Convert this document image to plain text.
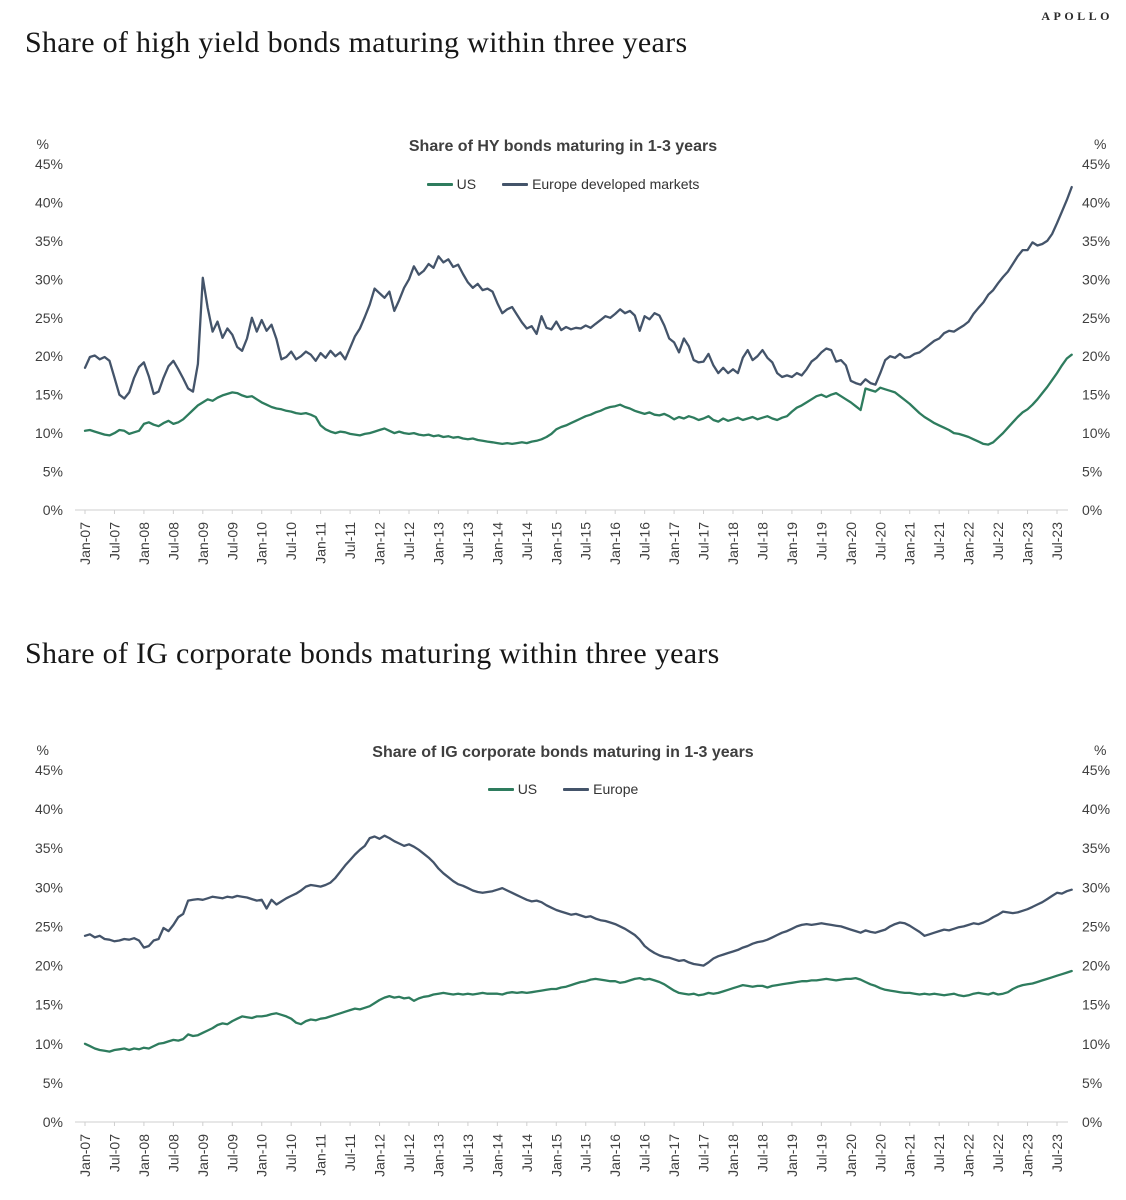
APOLLO
Share of high yield bonds maturing within three years
Share of HY bonds maturing in 1-3 years
US	Europe developed markets
45%	45%
40%	40%
35%	35%
30%	30%
25%	25%
20%	20%
15%	15%
10%	10%
5%	5%
0%	0%
%	%
Jan-07 Jul-07 Jan-08 Jul-08 Jan-09 Jul-09 Jan-10 Jul-10 Jan-11 Jul-11 Jan-12 Jul-12 Jan-13 Jul-13 Jan-14 Jul-14 Jan-15 Jul-15 Jan-16 Jul-16 Jan-17 Jul-17 Jan-18 Jul-18 Jan-19 Jul-19 Jan-20 Jul-20 Jan-21 Jul-21 Jan-22 Jul-22 Jan-23 Jul-23
Share of IG corporate bonds maturing within three years
Share of IG corporate bonds maturing in 1-3 years
US	Europe
45%	45%
40%	40%
35%	35%
30%	30%
25%	25%
20%	20%
15%	15%
10%	10%
5%	5%
0%	0%
%	%
Jan-07 Jul-07 Jan-08 Jul-08 Jan-09 Jul-09 Jan-10 Jul-10 Jan-11 Jul-11 Jan-12 Jul-12 Jan-13 Jul-13 Jan-14 Jul-14 Jan-15 Jul-15 Jan-16 Jul-16 Jan-17 Jul-17 Jan-18 Jul-18 Jan-19 Jul-19 Jan-20 Jul-20 Jan-21 Jul-21 Jan-22 Jul-22 Jan-23 Jul-23
